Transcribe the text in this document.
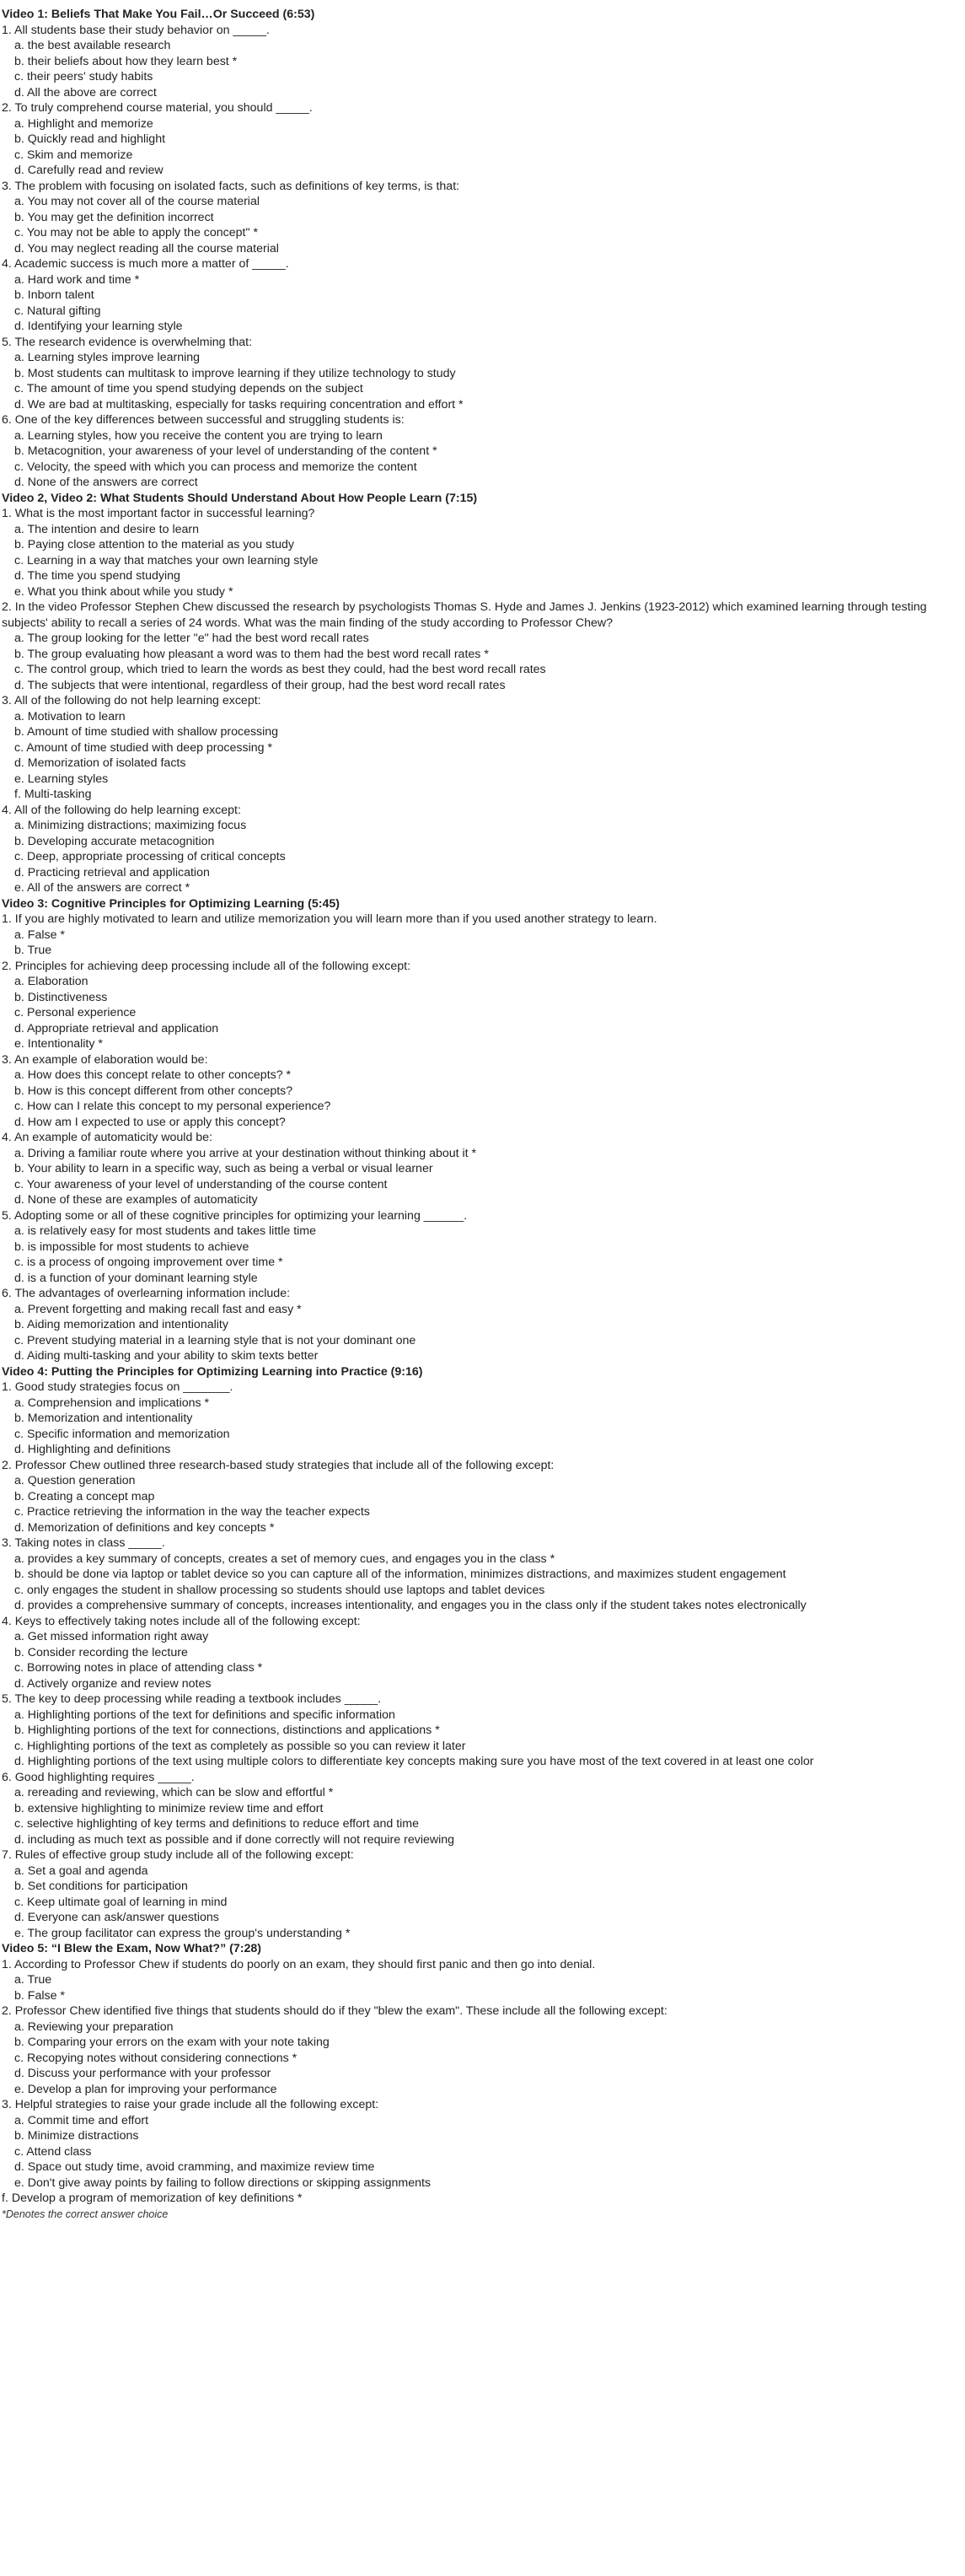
Video 1: Beliefs That Make You Fail…Or Succeed (6:53)
1. All students base their study behavior on _____.
a. the best available research
b. their beliefs about how they learn best *
c. their peers' study habits
d. All the above are correct
2. To truly comprehend course material, you should _____.
a. Highlight and memorize
b. Quickly read and highlight
c. Skim and memorize
d. Carefully read and review
3. The problem with focusing on isolated facts, such as definitions of key terms, is that:
a. You may not cover all of the course material
b. You may get the definition incorrect
c. You may not be able to apply the concept" *
d. You may neglect reading all the course material
4. Academic success is much more a matter of _____.
a. Hard work and time *
b. Inborn talent
c. Natural gifting
d. Identifying your learning style
5. The research evidence is overwhelming that:
a. Learning styles improve learning
b. Most students can multitask to improve learning if they utilize technology to study
c. The amount of time you spend studying depends on the subject
d. We are bad at multitasking, especially for tasks requiring concentration and effort *
6. One of the key differences between successful and struggling students is:
a. Learning styles, how you receive the content you are trying to learn
b. Metacognition, your awareness of your level of understanding of the content *
c. Velocity, the speed with which you can process and memorize the content
d. None of the answers are correct
Video 2, Video 2: What Students Should Understand About How People Learn (7:15)
1. What is the most important factor in successful learning?
a. The intention and desire to learn
b. Paying close attention to the material as you study
c. Learning in a way that matches your own learning style
d. The time you spend studying
e. What you think about while you study *
2. In the video Professor Stephen Chew discussed the research by psychologists Thomas S. Hyde and James J. Jenkins (1923-2012) which examined learning through testing subjects' ability to recall a series of 24 words. What was the main finding of the study according to Professor Chew?
a. The group looking for the letter "e" had the best word recall rates
b. The group evaluating how pleasant a word was to them had the best word recall rates *
c. The control group, which tried to learn the words as best they could, had the best word recall rates
d. The subjects that were intentional, regardless of their group, had the best word recall rates
3. All of the following do not help learning except:
a. Motivation to learn
b. Amount of time studied with shallow processing
c. Amount of time studied with deep processing *
d. Memorization of isolated facts
e. Learning styles
f. Multi-tasking
4. All of the following do help learning except:
a. Minimizing distractions; maximizing focus
b. Developing accurate metacognition
c. Deep, appropriate processing of critical concepts
d. Practicing retrieval and application
e. All of the answers are correct *
Video 3: Cognitive Principles for Optimizing Learning (5:45)
1. If you are highly motivated to learn and utilize memorization you will learn more than if you used another strategy to learn.
a. False *
b. True
2. Principles for achieving deep processing include all of the following except:
a. Elaboration
b. Distinctiveness
c. Personal experience
d. Appropriate retrieval and application
e. Intentionality *
3. An example of elaboration would be:
a. How does this concept relate to other concepts? *
b. How is this concept different from other concepts?
c. How can I relate this concept to my personal experience?
d. How am I expected to use or apply this concept?
4. An example of automaticity would be:
a. Driving a familiar route where you arrive at your destination without thinking about it *
b. Your ability to learn in a specific way, such as being a verbal or visual learner
c. Your awareness of your level of understanding of the course content
d. None of these are examples of automaticity
5. Adopting some or all of these cognitive principles for optimizing your learning ______.
a. is relatively easy for most students and takes little time
b. is impossible for most students to achieve
c. is a process of ongoing improvement over time *
d. is a function of your dominant learning style
6. The advantages of overlearning information include:
a. Prevent forgetting and making recall fast and easy *
b. Aiding memorization and intentionality
c. Prevent studying material in a learning style that is not your dominant one
d. Aiding multi-tasking and your ability to skim texts better
Video 4: Putting the Principles for Optimizing Learning into Practice (9:16)
1. Good study strategies focus on _______.
a. Comprehension and implications *
b. Memorization and intentionality
c. Specific information and memorization
d. Highlighting and definitions
2. Professor Chew outlined three research-based study strategies that include all of the following except:
a. Question generation
b. Creating a concept map
c. Practice retrieving the information in the way the teacher expects
d. Memorization of definitions and key concepts *
3. Taking notes in class _____.
a. provides a key summary of concepts, creates a set of memory cues, and engages you in the class *
b. should be done via laptop or tablet device so you can capture all of the information, minimizes distractions, and maximizes student engagement
c. only engages the student in shallow processing so students should use laptops and tablet devices
d. provides a comprehensive summary of concepts, increases intentionality, and engages you in the class only if the student takes notes electronically
4. Keys to effectively taking notes include all of the following except:
a. Get missed information right away
b. Consider recording the lecture
c. Borrowing notes in place of attending class *
d. Actively organize and review notes
5. The key to deep processing while reading a textbook includes _____.
a. Highlighting portions of the text for definitions and specific information
b. Highlighting portions of the text for connections, distinctions and applications *
c. Highlighting portions of the text as completely as possible so you can review it later
d. Highlighting portions of the text using multiple colors to differentiate key concepts making sure you have most of the text covered in at least one color
6. Good highlighting requires _____.
a. rereading and reviewing, which can be slow and effortful *
b. extensive highlighting to minimize review time and effort
c. selective highlighting of key terms and definitions to reduce effort and time
d. including as much text as possible and if done correctly will not require reviewing
7. Rules of effective group study include all of the following except:
a. Set a goal and agenda
b. Set conditions for participation
c. Keep ultimate goal of learning in mind
d. Everyone can ask/answer questions
e. The group facilitator can express the group's understanding *
Video 5: “I Blew the Exam, Now What?” (7:28)
1. According to Professor Chew if students do poorly on an exam, they should first panic and then go into denial.
a. True
b. False *
2. Professor Chew identified five things that students should do if they "blew the exam". These include all the following except:
a. Reviewing your preparation
b. Comparing your errors on the exam with your note taking
c. Recopying notes without considering connections *
d. Discuss your performance with your professor
e. Develop a plan for improving your performance
3. Helpful strategies to raise your grade include all the following except:
a. Commit time and effort
b. Minimize distractions
c. Attend class
d. Space out study time, avoid cramming, and maximize review time
e. Don't give away points by failing to follow directions or skipping assignments
f. Develop a program of memorization of key definitions *
*Denotes the correct answer choice
